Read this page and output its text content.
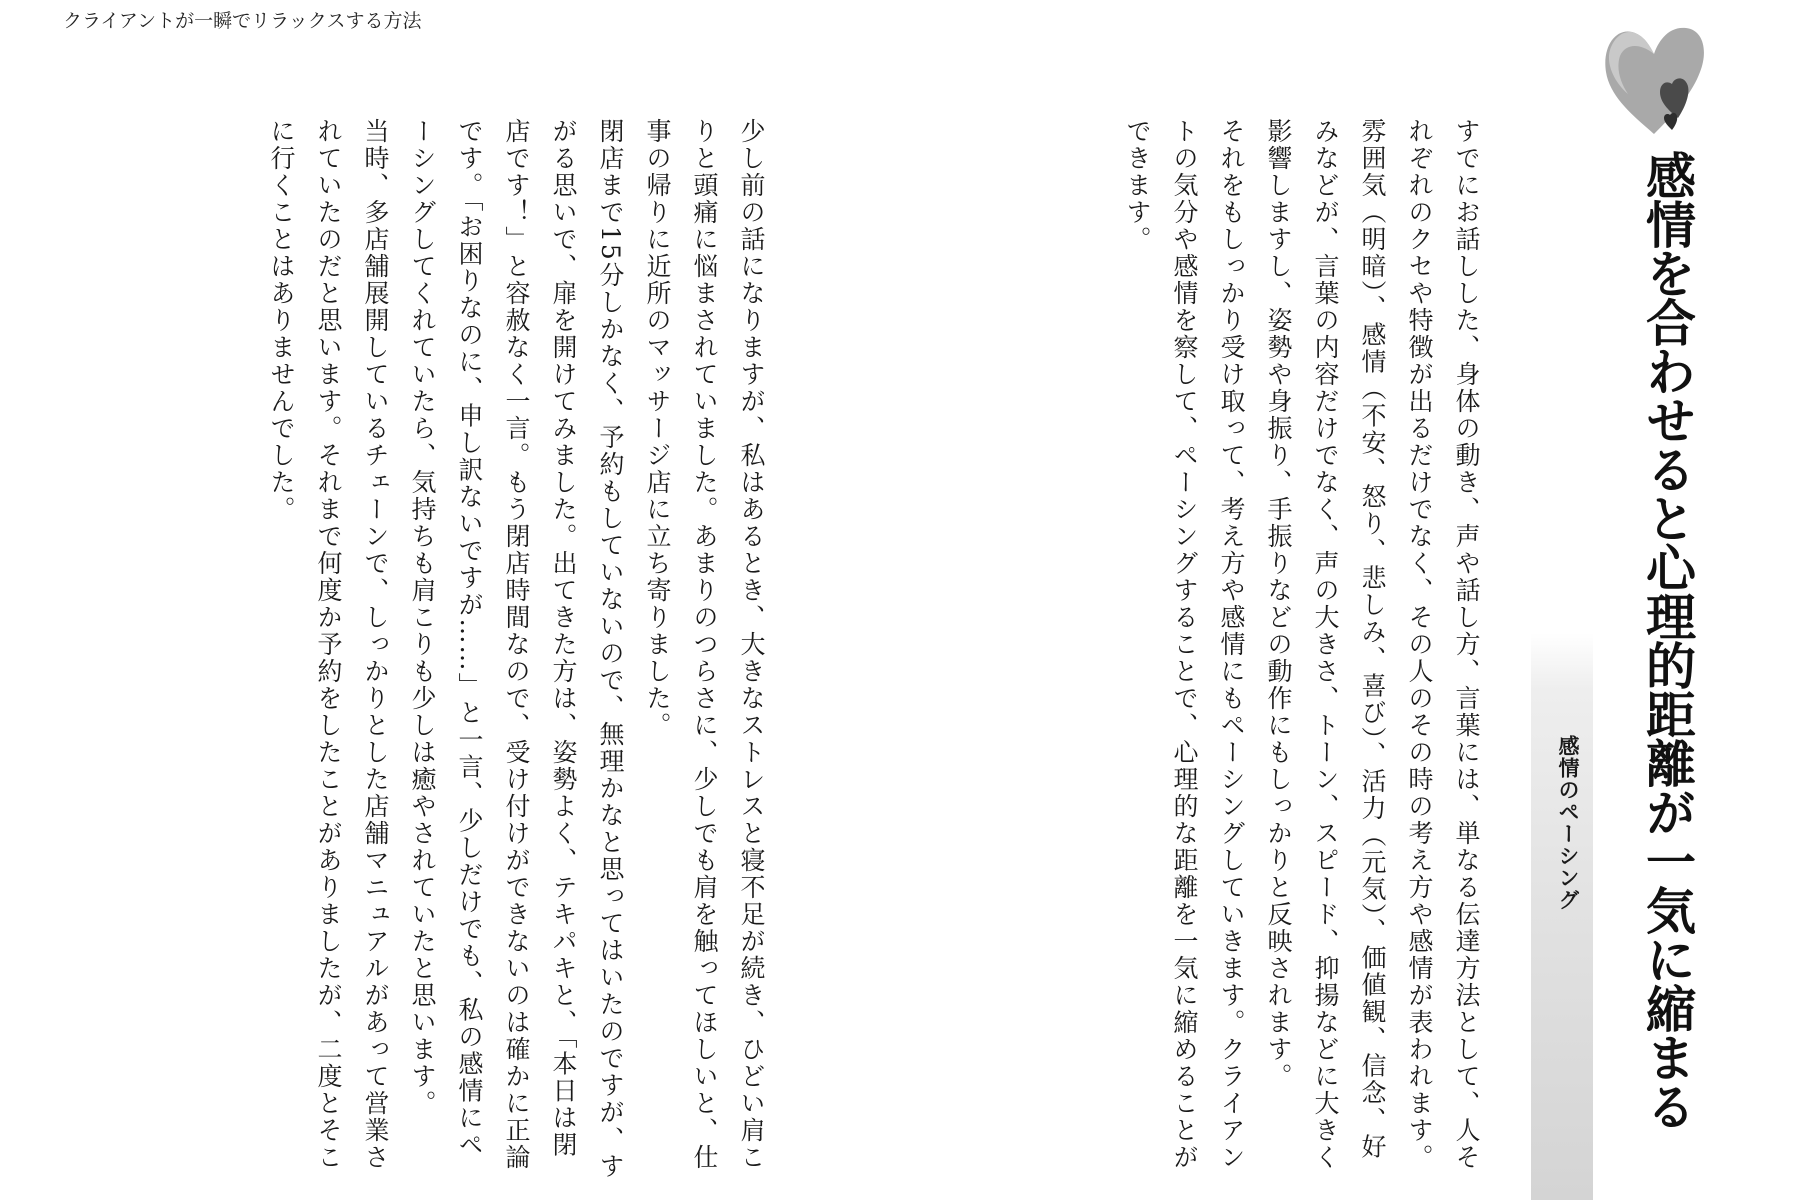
クライアントが一瞬でリラックスする方法
感情を合わせると心理的距離が一気に縮まる
感情のペーシング

すでにお話しした、身体の動き、声や話し方、言葉には、単なる伝達方法として、人それぞれのクセや特徴が出るだけでなく、その人のその時の考え方や感情が表われます。

雰囲気（明暗）、感情（不安、怒り、悲しみ、喜び）、活力（元気）、価値観、信念、好みなどが、言葉の内容だけでなく、声の大きさ、トーン、スピード、抑揚などに大きく影響しますし、姿勢や身振り、手振りなどの動作にもしっかりと反映されます。

それをもしっかり受け取って、考え方や感情にもペーシングしていきます。クライアントの気分や感情を察して、ペーシングすることで、心理的な距離を一気に縮めることができます。

少し前の話になりますが、私はあるとき、大きなストレスと寝不足が続き、ひどい肩こりと頭痛に悩まされていました。あまりのつらさに、少しでも肩を触ってほしいと、仕事の帰りに近所のマッサージ店に立ち寄りました。

閉店まで15分しかなく、予約もしていないので、無理かなと思ってはいたのですが、すがる思いで、扉を開けてみました。出てきた方は、姿勢よく、テキパキと、「本日は閉店です！」と容赦なく一言。もう閉店時間なので、受け付けができないのは確かに正論です。「お困りなのに、申し訳ないですが……」と一言、少しだけでも、私の感情にペーシングしてくれていたら、気持ちも肩こりも少しは癒やされていたと思います。

当時、多店舗展開しているチェーンで、しっかりとした店舗マニュアルがあって営業されていたのだと思います。それまで何度か予約をしたことがありましたが、二度とそこに行くことはありませんでした。
